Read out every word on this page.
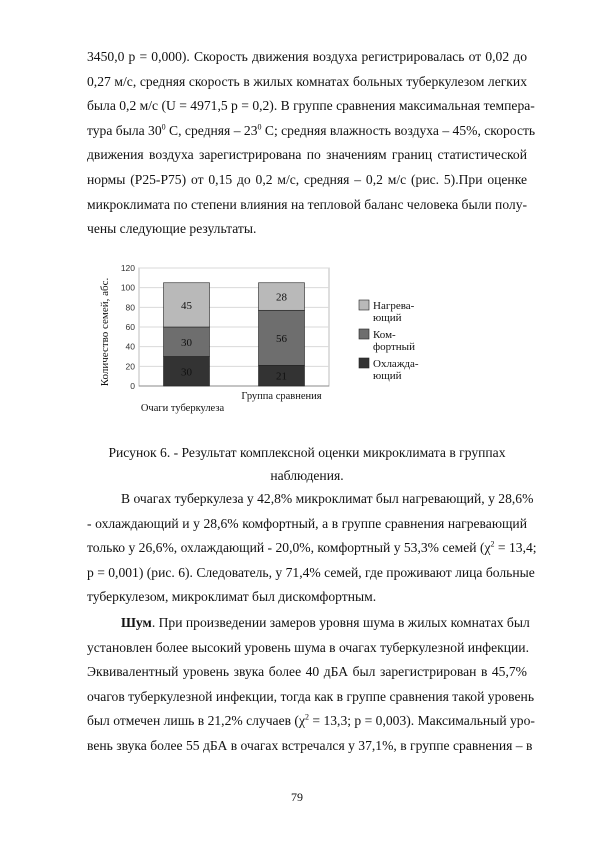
3450,0 р = 0,000). Скорость движения воздуха регистрировалась от 0,02 до
0,27 м/с, средняя скорость в жилых комнатах больных туберкулезом легких
была 0,2 м/с (U = 4971,5 р = 0,2). В группе сравнения максимальная темпера-
тура была $30^0$ С, средняя – $23^0$ С; средняя влажность воздуха – 45%, скорость
движения воздуха зарегистрирована по значениям границ статистической
нормы (P25-P75) от 0,15 до 0,2 м/с, средняя – 0,2 м/с (рис. 5).При оценке
микроклимата по степени влияния на тепловой баланс человека были полу-
чены следующие результаты.
0
20
40
60
80
100
120
30
30
45
21
56
28
Группа сравнения
Очаги туберкулеза
Нагрева-
ющий
Ком-
фортный
Охлажда-
ющий
Количество семей, абс.

Рисунок 6. - Результат комплексной оценки микроклимата в группах
наблюдения.

В очагах туберкулеза у 42,8% микроклимат был нагревающий, у 28,6%
- охлаждающий и у 28,6% комфортный, а в группе сравнения нагревающий
только у 26,6%, охлаждающий - 20,0%, комфортный у 53,3% семей ($\chi^2 = 13,4$;
р = 0,001) (рис. 6). Следователь, у 71,4% семей, где проживают лица больные
туберкулезом, микроклимат был дискомфортным.
Шум. При произведении замеров уровня шума в жилых комнатах был
установлен более высокий уровень шума в очагах туберкулезной инфекции.
Эквивалентный уровень звука более 40 дБА был зарегистрирован в 45,7%
очагов туберкулезной инфекции, тогда как в группе сравнения такой уровень
был отмечен лишь в 21,2% случаев ($\chi^2 = 13,3$; р = 0,003). Максимальный уро-
вень звука более 55 дБА в очагах встречался у 37,1%, в группе сравнения – в
79
